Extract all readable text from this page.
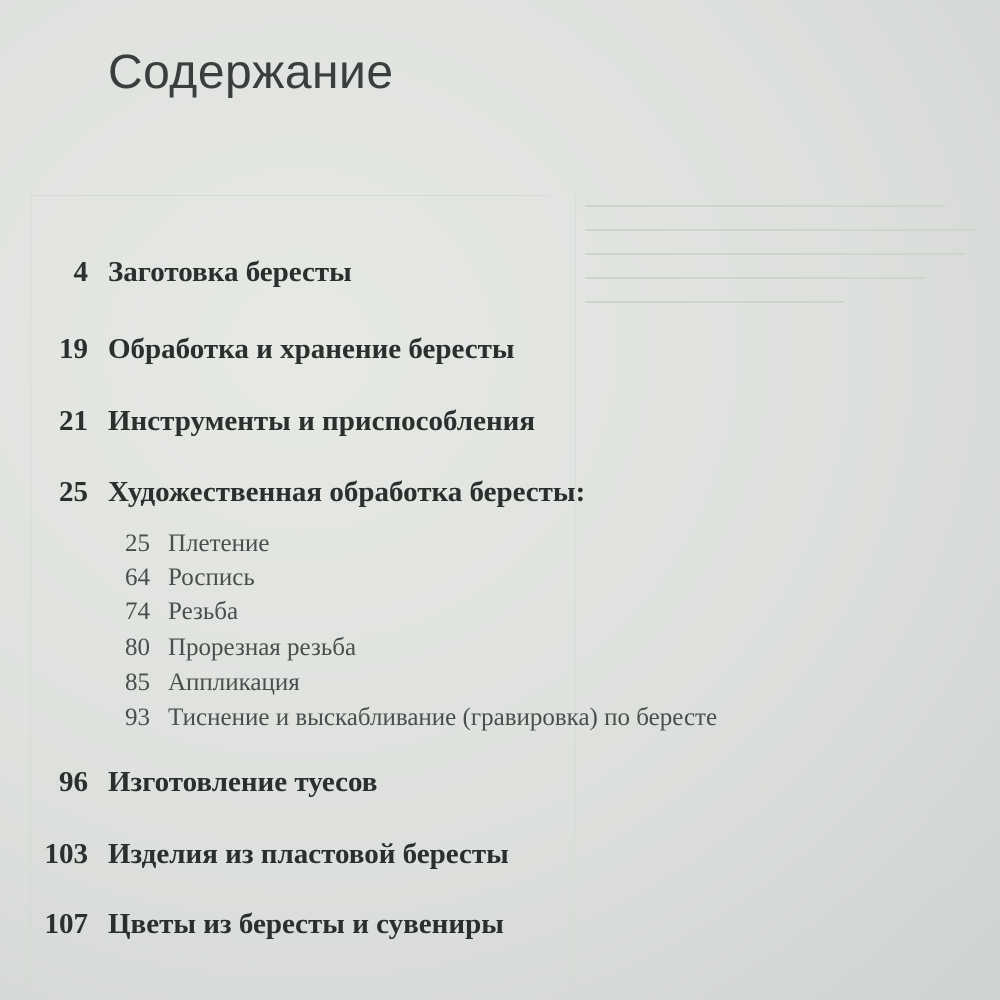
Содержание
4 Заготовка бересты
19 Обработка и хранение бересты
21 Инструменты и приспособления
25 Художественная обработка бересты:
25 Плетение
64 Роспись
74 Резьба
80 Прорезная резьба
85 Аппликация
93 Тиснение и выскабливание (гравировка) по бересте
96 Изготовление туесов
103 Изделия из пластовой бересты
107 Цветы из бересты и сувениры
